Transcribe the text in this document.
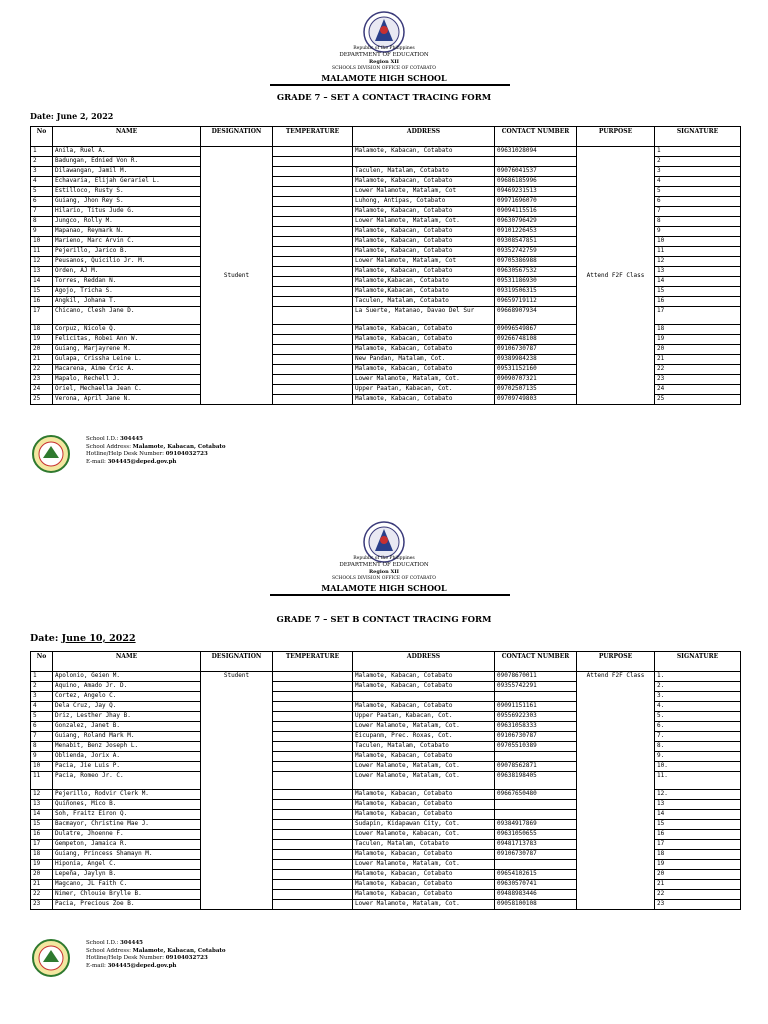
Republic of the Philippines
DEPARTMENT OF EDUCATION
Region XII
SCHOOLS DIVISION OFFICE OF COTABATO
MALAMOTE HIGH SCHOOL
GRADE 7 – SET A CONTACT TRACING FORM
Date: June 2, 2022
No	NAME	DESIGNATION	TEMPERATURE	ADDRESS	CONTACT NUMBER	PURPOSE	SIGNATURE
1	Anila, Ruel A.	Student		Malamote, Kabacan, Cotabato	09631028094	Attend F2F Class	1
2	Badungan, Ednied Von R.						2
3	Dilawangan, Jamil M.			Taculen, Matalam, Cotabato	09076041537		3
4	Echavaria, Elijah Gerariel L.			Malamote, Kabacan, Cotabato	09686185996		4
5	Estilloco, Rusty S.			Lower Malamote, Matalam, Cot	09469231513		5
6	Guiang, Jhon Rey S.			Luhong, Antipas, Cotabato	09971696070		6
7	Hilario, Titus Jude G.			Malamote, Kabacan, Cotabato	09094115516		7
8	Jungco, Rolly M.			Lower Malamote, Matalam, Cot.	09630796429		8
9	Mapanao, Reymark N.			Malamote, Kabacan, Cotabato	09101226453		9
10	Marieno, Marc Arvin C.			Malamote, Kabacan, Cotabato	09308547851		10
11	Pejerillo, Jarico B.			Malamote, Kabacan, Cotabato	09352742759		11
12	Peusanos, Quicilio Jr. M.			Lower Malamote, Matalam, Cot	09705386988		12
13	Orden, AJ M.			Malamote, Kabacan, Cotabato	09630567532		13
14	Torres, Reddan N.			Malamote,Kabacan, Cotabato	09531186930		14
15	Agojo, Tricha S.			Malamote,Kabacan, Cotabato	09319506315		15
16	Angkil, Johana T.			Taculen, Matalam, Cotabato	09659719112		16
17	Chicano, Clesh Jane D.			La Suerte, Matanao, Davao Del Sur	09668907934		17
18	Corpuz, Nicole Q.			Malamote, Kabacan, Cotabato	09096549867		18
19	Felicitas, Robei Ann W.			Malamote, Kabacan, Cotabato	09266748108		19
20	Guiang, Marjayrene M.			Malamote, Kabacan, Cotabato	09106730787		20
21	Gulapa, Crissha Leine L.			New Pandan, Matalam, Cot.	09389984238		21
22	Macarena, Aime Cric A.			Malamote, Kabacan, Cotabato	09531152160		22
23	Mapalo, Rechell J.			Lower Malamote, Matalam, Cot.	09090707321		23
24	Oriel, Mechaella Jean C.			Upper Paatan, Kabacan, Cot.	09702507135		24
25	Verona, April Jane N.			Malamote, Kabacan, Cotabato	09709749803		25
School I.D.: 304445
School Address: Malamote, Kabacan, Cotabato
Hotline/Help Desk Number: 09104032723
E-mail: 304445@deped.gov.ph
Republic of the Philippines
DEPARTMENT OF EDUCATION
Region XII
SCHOOLS DIVISION OFFICE OF COTABATO
MALAMOTE HIGH SCHOOL
GRADE 7 – SET B CONTACT TRACING FORM
Date: June 10, 2022
No	NAME	DESIGNATION	TEMPERATURE	ADDRESS	CONTACT NUMBER	PURPOSE	SIGNATURE
1	Apolonio, Geien M.	Student		Malamote, Kabacan, Cotabato	09078670011	Attend F2F Class	1.
2	Aquino, Amado Jr. D.			Malamote, Kabacan, Cotabato	09355742291		2.
3	Cortez, Angelo C.						3.
4	Dela Cruz, Jay Q.			Malamote, Kabacan, Cotabato	09091151161		4.
5	Driz, Lesther Jhay B.			Upper Paatan, Kabacan, Cot.	09556922303		5.
6	Gonzalez, Janet B.			Lower Malamote, Matalam, Cot.	09631058333		6.
7	Guiang, Roland Mark M.			Eicupanm, Prec. Roxas, Cot.	09106730787		7.
8	Menabit, Benz Joseph L.			Taculen, Matalam, Cotabato	09705510389		8.
9	Oblienda, Jorix A.			Malamote, Kabacan, Cotabato			9.
10	Pacia, Jie Luis P.			Lower Malamote, Matalam, Cot.	09078562871		10.
11	Pacia, Romeo Jr. C.			Lower Malamote, Matalam, Cot.	09638198405		11.
12	Pejerillo, Rodvir Clerk M.			Malamote, Kabacan, Cotabato	09667650480		12.
13	Quiñones, Mico B.			Malamote, Kabacan, Cotabato			13
14	Soh, Fraitz Eiron Q.			Malamote, Kabacan, Cotabato			14
15	Bacmayor, Christine Mae J.			Sudapin, Kidapawan City, Cot.	09384917869		15
16	Dulatre, Jhoenne F.			Lower Malamote, Kabacan, Cot.	09631050655		16
17	Gempeton, Jamaica R.			Taculen, Matalam, Cotabato	09481713783		17
18	Guiang, Princess Shamayn M.			Malamote, Kabacan, Cotabato	09106730787		18
19	Hiponia, Angel C.			Lower Malamote, Matalam, Cot.			19
20	Lepeña, Jaylyn B.			Malamote, Kabacan, Cotabato	09654102615		20
21	Magcano, JL Faith C.			Malamote, Kabacan, Cotabato	09630570741		21
22	Nimer, Chlouie Brylle B.			Malamote, Kabacan, Cotabato	09488983446		22
23	Pacia, Precious Zoe B.			Lower Malamote, Matalam, Cot.	09058100108		23
School I.D.: 304445
School Address: Malamote, Kabacan, Cotabato
Hotline/Help Desk Number: 09104032723
E-mail: 304445@deped.gov.ph
